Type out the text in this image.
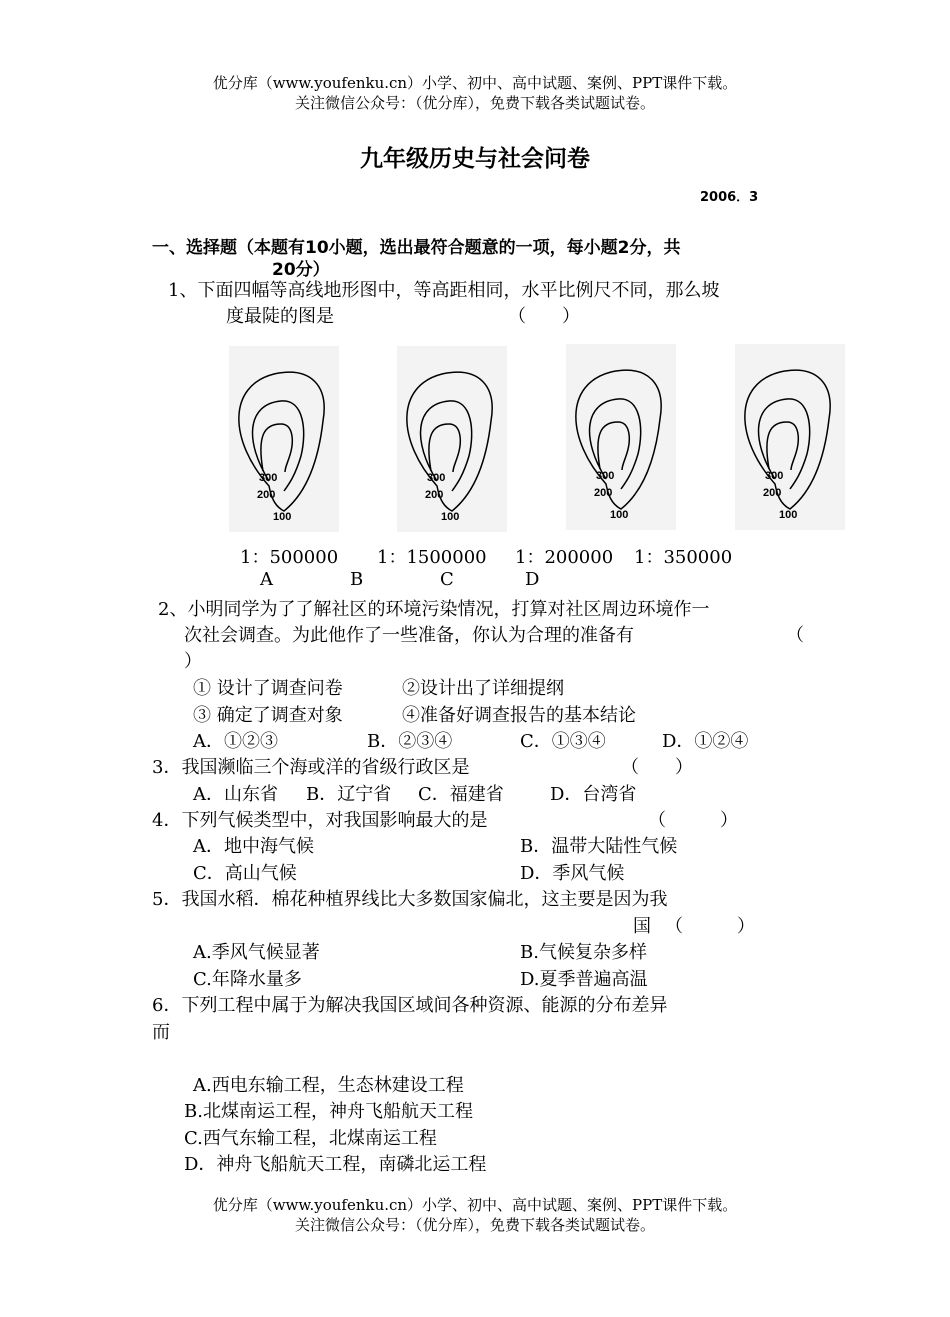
优分库（www.youfenku.cn）小学、初中、高中试题、案例、PPT课件下载。
关注微信公众号：（优分库），免费下载各类试题试卷。
九年级历史与社会问卷
2006．3
一、选择题（本题有10小题，选出最符合题意的一项，每小题2分，共
20分）
1、下面四幅等高线地形图中，等高距相同，水平比例尺不同，那么坡
度最陡的图是	（　　）
300
200
100
300
200
100
300
200
100
300
200
100
1：500000 1：1500000 1：200000 1：350000
A	B	C	D
2、小明同学为了了解社区的环境污染情况，打算对社区周边环境作一
次社会调查。为此他作了一些准备，你认为合理的准备有	（
）
① 设计了调查问卷	②设计出了详细提纲
③ 确定了调查对象	④准备好调查报告的基本结论
A．①②③	B．②③④	C．①③④	D．①②④
3．我国濒临三个海或洋的省级行政区是	（　　）
A．山东省 B．辽宁省 C．福建省	D．台湾省
4．下列气候类型中，对我国影响最大的是	（　　　）
A．地中海气候	B．温带大陆性气候
C．高山气候	D．季风气候
5．我国水稻．棉花种植界线比大多数国家偏北，这主要是因为我
国 （　　　）
A.季风气候显著	B.气候复杂多样
C.年降水量多	D.夏季普遍高温
6．下列工程中属于为解决我国区域间各种资源、能源的分布差异
而
A.西电东输工程，生态林建设工程
B.北煤南运工程，神舟飞船航天工程
C.西气东输工程，北煤南运工程
D．神舟飞船航天工程，南磷北运工程
优分库（www.youfenku.cn）小学、初中、高中试题、案例、PPT课件下载。
关注微信公众号：（优分库），免费下载各类试题试卷。
